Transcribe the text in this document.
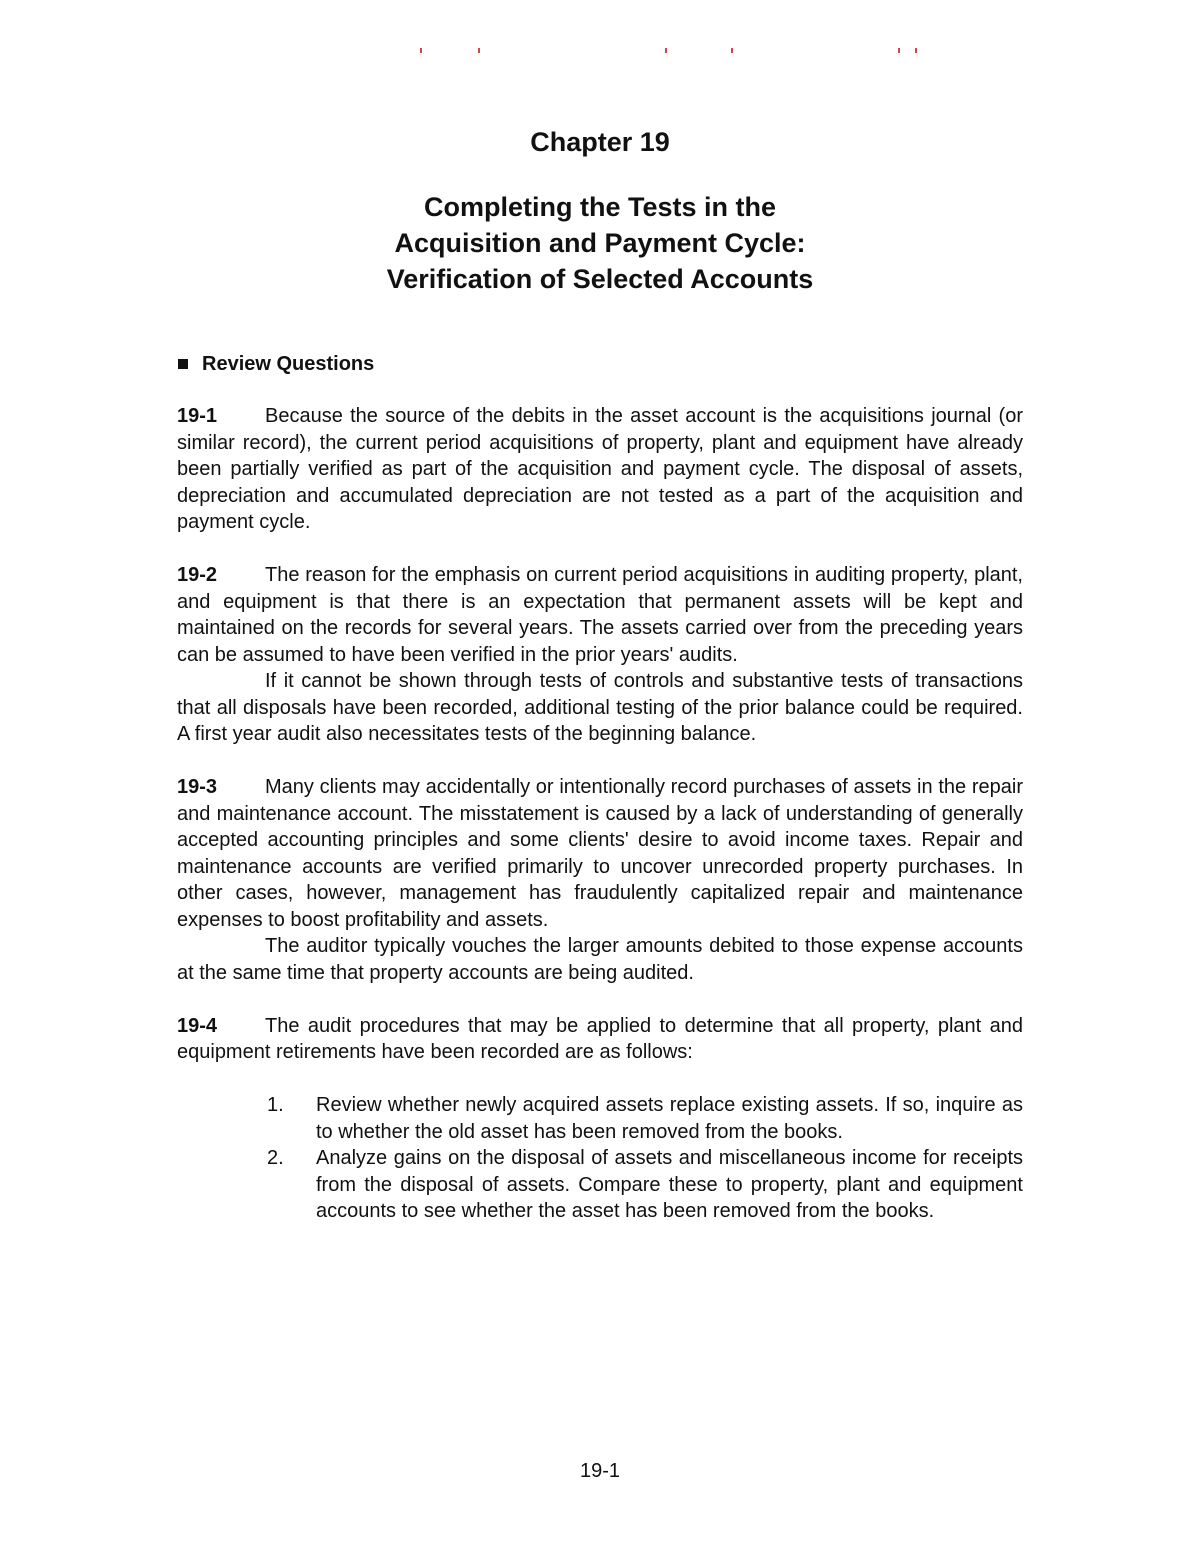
Chapter 19
Completing the Tests in the
Acquisition and Payment Cycle:
Verification of Selected Accounts
Review Questions

19-1 Because the source of the debits in the asset account is the acquisitions journal (or similar record), the current period acquisitions of property, plant and equipment have already been partially verified as part of the acquisition and payment cycle. The disposal of assets, depreciation and accumulated depreciation are not tested as a part of the acquisition and payment cycle.

19-2 The reason for the emphasis on current period acquisitions in auditing property, plant, and equipment is that there is an expectation that permanent assets will be kept and maintained on the records for several years. The assets carried over from the preceding years can be assumed to have been verified in the prior years' audits.

If it cannot be shown through tests of controls and substantive tests of transactions that all disposals have been recorded, additional testing of the prior balance could be required. A first year audit also necessitates tests of the beginning balance.

19-3 Many clients may accidentally or intentionally record purchases of assets in the repair and maintenance account. The misstatement is caused by a lack of understanding of generally accepted accounting principles and some clients' desire to avoid income taxes. Repair and maintenance accounts are verified primarily to uncover unrecorded property purchases. In other cases, however, management has fraudulently capitalized repair and maintenance expenses to boost profitability and assets.

The auditor typically vouches the larger amounts debited to those expense accounts at the same time that property accounts are being audited.

19-4 The audit procedures that may be applied to determine that all property, plant and equipment retirements have been recorded are as follows:

1. Review whether newly acquired assets replace existing assets. If so, inquire as to whether the old asset has been removed from the books.
2. Analyze gains on the disposal of assets and miscellaneous income for receipts from the disposal of assets. Compare these to property, plant and equipment accounts to see whether the asset has been removed from the books.
19-1
